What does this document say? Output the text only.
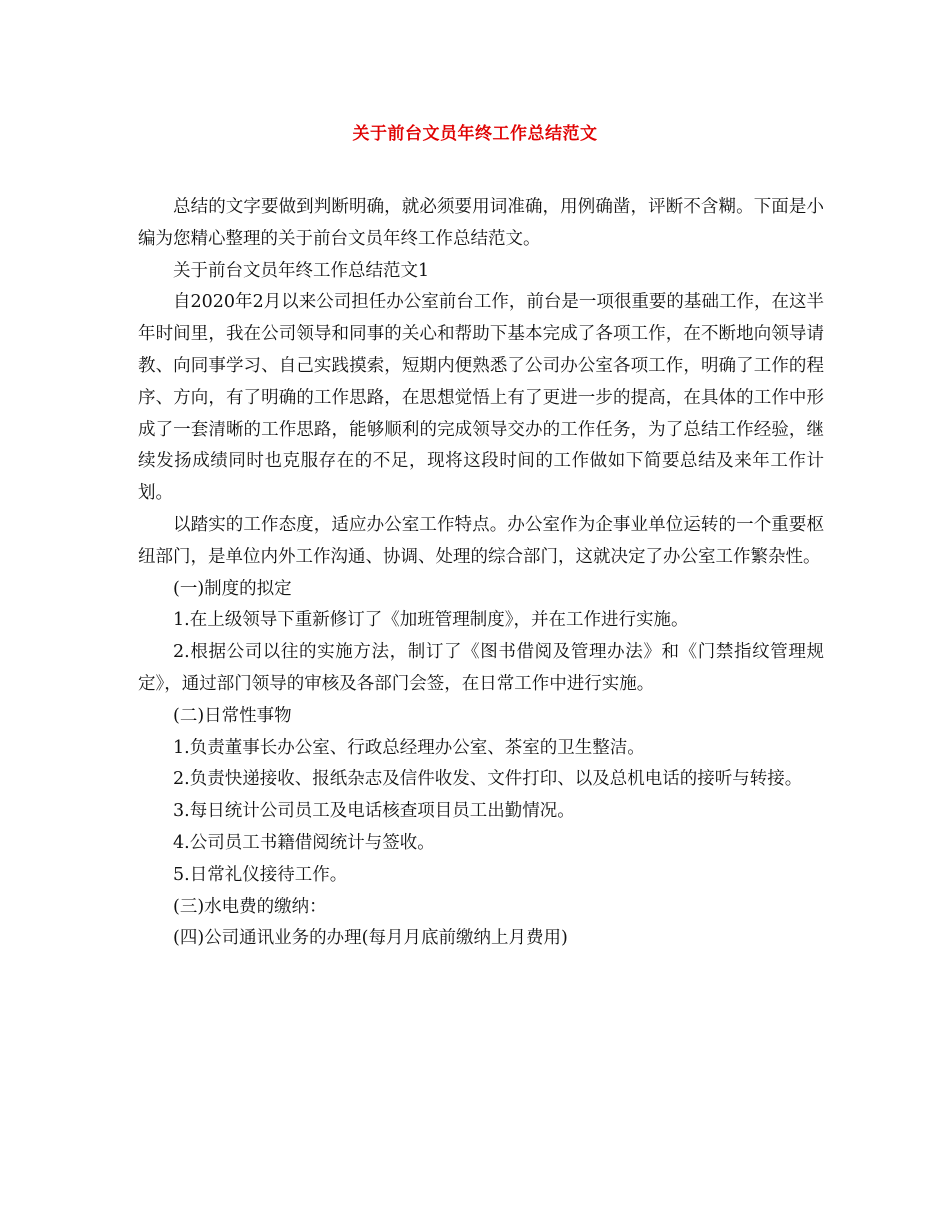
关于前台文员年终工作总结范文

总结的文字要做到判断明确，就必须要用词准确，用例确凿，评断不含糊。下面是小编为您精心整理的关于前台文员年终工作总结范文。

关于前台文员年终工作总结范文1

自2020年2月以来公司担任办公室前台工作，前台是一项很重要的基础工作，在这半年时间里，我在公司领导和同事的关心和帮助下基本完成了各项工作，在不断地向领导请教、向同事学习、自己实践摸索，短期内便熟悉了公司办公室各项工作，明确了工作的程序、方向，有了明确的工作思路，在思想觉悟上有了更进一步的提高，在具体的工作中形成了一套清晰的工作思路，能够顺利的完成领导交办的工作任务，为了总结工作经验，继续发扬成绩同时也克服存在的不足，现将这段时间的工作做如下简要总结及来年工作计划。

以踏实的工作态度，适应办公室工作特点。办公室作为企事业单位运转的一个重要枢纽部门，是单位内外工作沟通、协调、处理的综合部门，这就决定了办公室工作繁杂性。

(一)制度的拟定

1.在上级领导下重新修订了《加班管理制度》，并在工作进行实施。

2.根据公司以往的实施方法，制订了《图书借阅及管理办法》和《门禁指纹管理规定》，通过部门领导的审核及各部门会签，在日常工作中进行实施。

(二)日常性事物

1.负责董事长办公室、行政总经理办公室、茶室的卫生整洁。

2.负责快递接收、报纸杂志及信件收发、文件打印、以及总机电话的接听与转接。

3.每日统计公司员工及电话核查项目员工出勤情况。

4.公司员工书籍借阅统计与签收。

5.日常礼仪接待工作。

(三)水电费的缴纳：

(四)公司通讯业务的办理(每月月底前缴纳上月费用)
